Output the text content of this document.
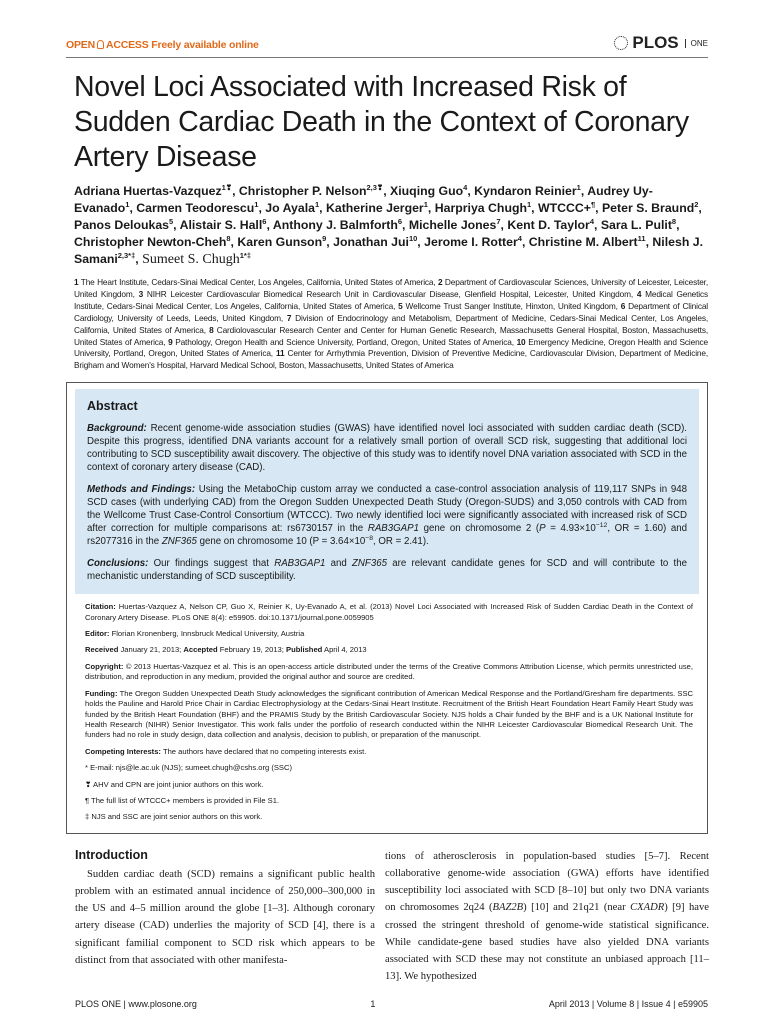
OPEN ACCESS Freely available online	PLOS	ONE
Novel Loci Associated with Increased Risk of Sudden Cardiac Death in the Context of Coronary Artery Disease
Adriana Huertas-Vazquez$^{1❣}$, Christopher P. Nelson$^{2,3❣}$, Xiuqing Guo$^4$, Kyndaron Reinier$^1$, Audrey Uy-Evanado$^1$, Carmen Teodorescu$^1$, Jo Ayala$^1$, Katherine Jerger$^1$, Harpriya Chugh$^1$, WTCCC+¶, Peter S. Braund$^2$, Panos Deloukas$^5$, Alistair S. Hall$^6$, Anthony J. Balmforth$^6$, Michelle Jones$^7$, Kent D. Taylor$^4$, Sara L. Pulit$^8$, Christopher Newton-Cheh$^8$, Karen Gunson$^9$, Jonathan Jui$^{10}$, Jerome I. Rotter$^4$, Christine M. Albert$^{11}$, Nilesh J. Samani$^{2,3*\ddagger}$, Sumeet S. Chugh$^{1*\ddagger}$
1 The Heart Institute, Cedars-Sinai Medical Center, Los Angeles, California, United States of America, 2 Department of Cardiovascular Sciences, University of Leicester, Leicester, United Kingdom, 3 NIHR Leicester Cardiovascular Biomedical Research Unit in Cardiovascular Disease, Glenfield Hospital, Leicester, United Kingdom, 4 Medical Genetics Institute, Cedars-Sinai Medical Center, Los Angeles, California, United States of America, 5 Wellcome Trust Sanger Institute, Hinxton, United Kingdom, 6 Department of Clinical Cardiology, University of Leeds, Leeds, United Kingdom, 7 Division of Endocrinology and Metabolism, Department of Medicine, Cedars-Sinai Medical Center, Los Angeles, California, United States of America, 8 Cardiolovascular Research Center and Center for Human Genetic Research, Massachusetts General Hospital, Boston, Massachusetts, United States of America, 9 Pathology, Oregon Health and Science University, Portland, Oregon, United States of America, 10 Emergency Medicine, Oregon Health and Science University, Portland, Oregon, United States of America, 11 Center for Arrhythmia Prevention, Division of Preventive Medicine, Cardiovascular Division, Department of Medicine, Brigham and Women's Hospital, Harvard Medical School, Boston, Massachusetts, United States of America
Abstract

Background: Recent genome-wide association studies (GWAS) have identified novel loci associated with sudden cardiac death (SCD). Despite this progress, identified DNA variants account for a relatively small portion of overall SCD risk, suggesting that additional loci contributing to SCD susceptibility await discovery. The objective of this study was to identify novel DNA variation associated with SCD in the context of coronary artery disease (CAD).

Methods and Findings: Using the MetaboChip custom array we conducted a case-control association analysis of 119,117 SNPs in 948 SCD cases (with underlying CAD) from the Oregon Sudden Unexpected Death Study (Oregon-SUDS) and 3,050 controls with CAD from the Wellcome Trust Case-Control Consortium (WTCCC). Two newly identified loci were significantly associated with increased risk of SCD after correction for multiple comparisons at: rs6730157 in the RAB3GAP1 gene on chromosome 2 ($P = 4.93\times 10^{-12}$, OR = 1.60) and rs2077316 in the ZNF365 gene on chromosome 10 ($P = 3.64\times 10^{-8}$, OR = 2.41).

Conclusions: Our findings suggest that RAB3GAP1 and ZNF365 are relevant candidate genes for SCD and will contribute to the mechanistic understanding of SCD susceptibility.

Citation: Huertas-Vazquez A, Nelson CP, Guo X, Reinier K, Uy-Evanado A, et al. (2013) Novel Loci Associated with Increased Risk of Sudden Cardiac Death in the Context of Coronary Artery Disease. PLoS ONE 8(4): e59905. doi:10.1371/journal.pone.0059905

Editor: Florian Kronenberg, Innsbruck Medical University, Austria

Received January 21, 2013; Accepted February 19, 2013; Published April 4, 2013

Copyright: © 2013 Huertas-Vazquez et al. This is an open-access article distributed under the terms of the Creative Commons Attribution License, which permits unrestricted use, distribution, and reproduction in any medium, provided the original author and source are credited.

Funding: The Oregon Sudden Unexpected Death Study acknowledges the significant contribution of American Medical Response and the Portland/Gresham fire departments. SSC holds the Pauline and Harold Price Chair in Cardiac Electrophysiology at the Cedars-Sinai Heart Institute. Recruitment of the British Heart Foundation Heart Family Heart Study was funded by the British Heart Foundation (BHF) and the PRAMIS Study by the British Cardiovascular Society. NJS holds a Chair funded by the BHF and is a UK National Institute for Health Research (NIHR) Senior Investigator. This work falls under the portfolio of research conducted within the NIHR Leicester Cardiovascular Biomedical Research Unit. The funders had no role in study design, data collection and analysis, decision to publish, or preparation of the manuscript.

Competing Interests: The authors have declared that no competing interests exist.

* E-mail: njs@le.ac.uk (NJS); sumeet.chugh@cshs.org (SSC)

❣ AHV and CPN are joint junior authors on this work.

¶ The full list of WTCCC+ members is provided in File S1.

‡ NJS and SSC are joint senior authors on this work.

Introduction
Sudden cardiac death (SCD) remains a significant public health problem with an estimated annual incidence of 250,000–300,000 in the US and 4–5 million around the globe [1–3]. Although coronary artery disease (CAD) underlies the majority of SCD [4], there is a significant familial component to SCD risk which appears to be distinct from that associated with other manifesta-
tions of atherosclerosis in population-based studies [5–7]. Recent collaborative genome-wide association (GWA) efforts have identified susceptibility loci associated with SCD [8–10] but only two DNA variants on chromosomes 2q24 (BAZ2B) [10] and 21q21 (near CXADR) [9] have crossed the stringent threshold of genome-wide statistical significance. While candidate-gene based studies have also yielded DNA variants associated with SCD these may not constitute an unbiased approach [11–13]. We hypothesized
PLOS ONE | www.plosone.org	1	April 2013 | Volume 8 | Issue 4 | e59905
